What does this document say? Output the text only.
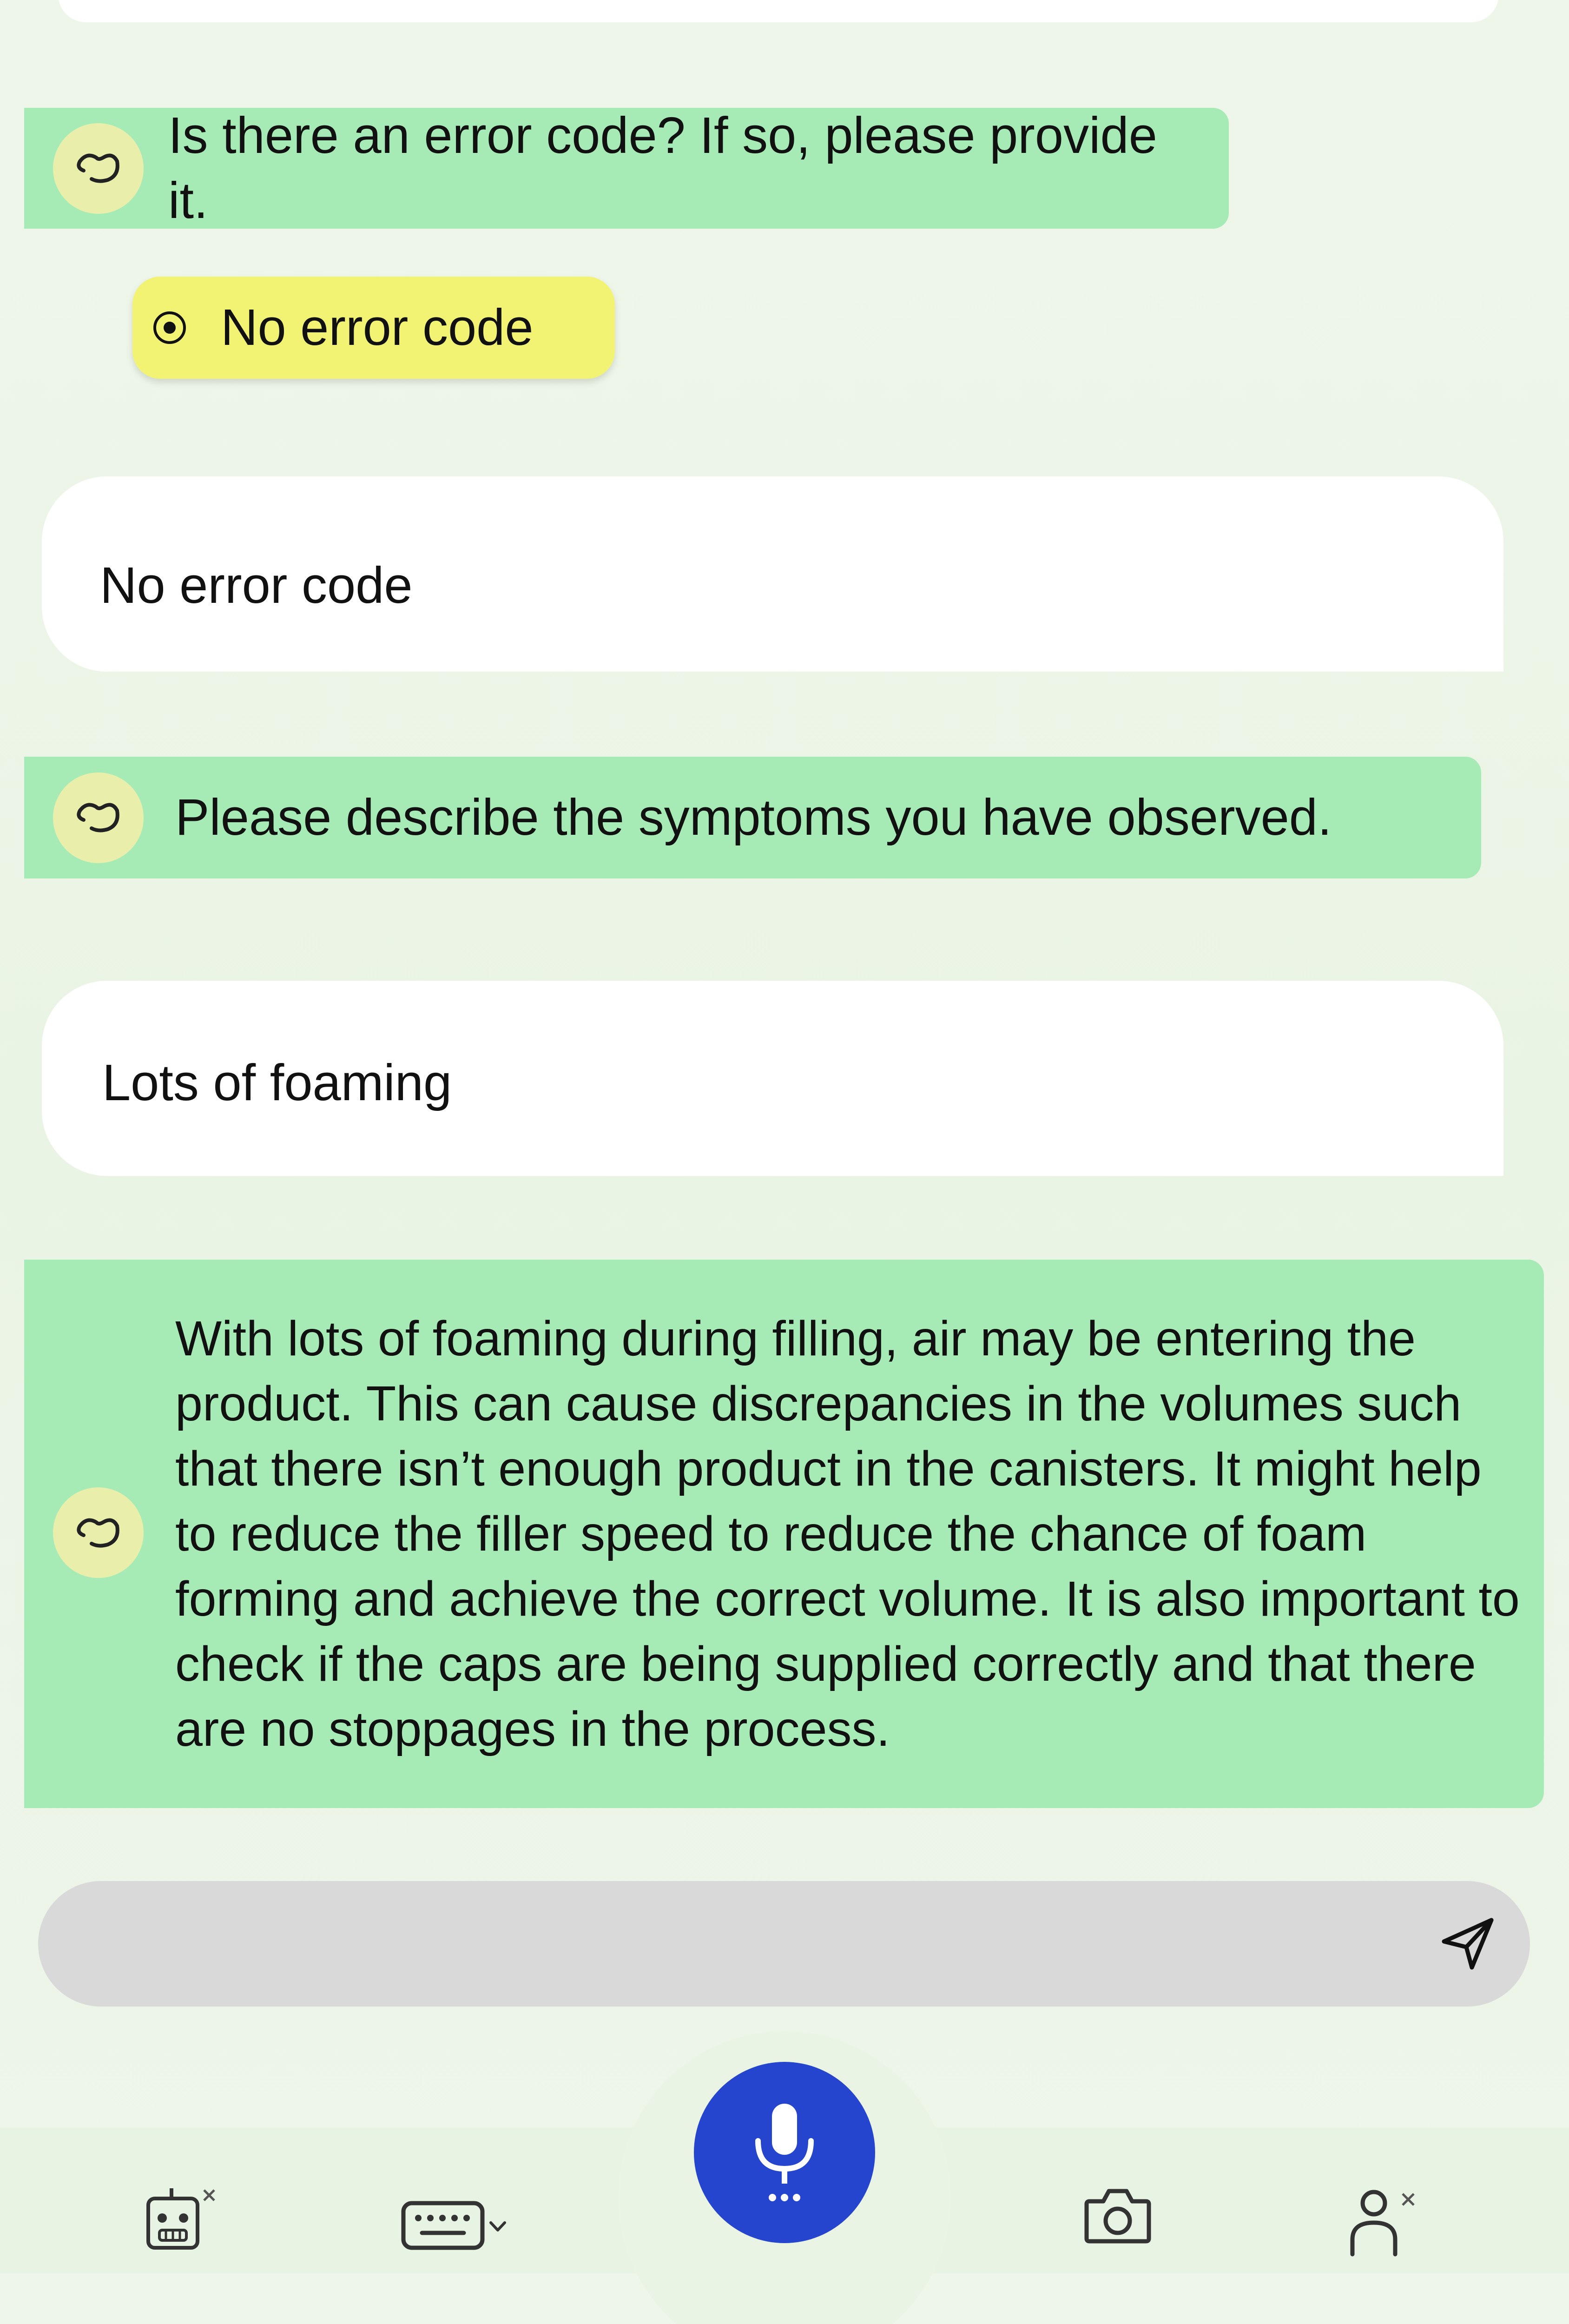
Is there an error code? If so, please provide it.
No error code
No error code
Please describe the symptoms you have observed.
Lots of foaming
With lots of foaming during filling, air may be entering the product. This can cause discrepancies in the volumes such that there isn’t enough product in the canisters. It might help to reduce the filler speed to reduce the chance of foam forming and achieve the correct volume. It is also important to check if the caps are being supplied correctly and that there are no stoppages in the process.
